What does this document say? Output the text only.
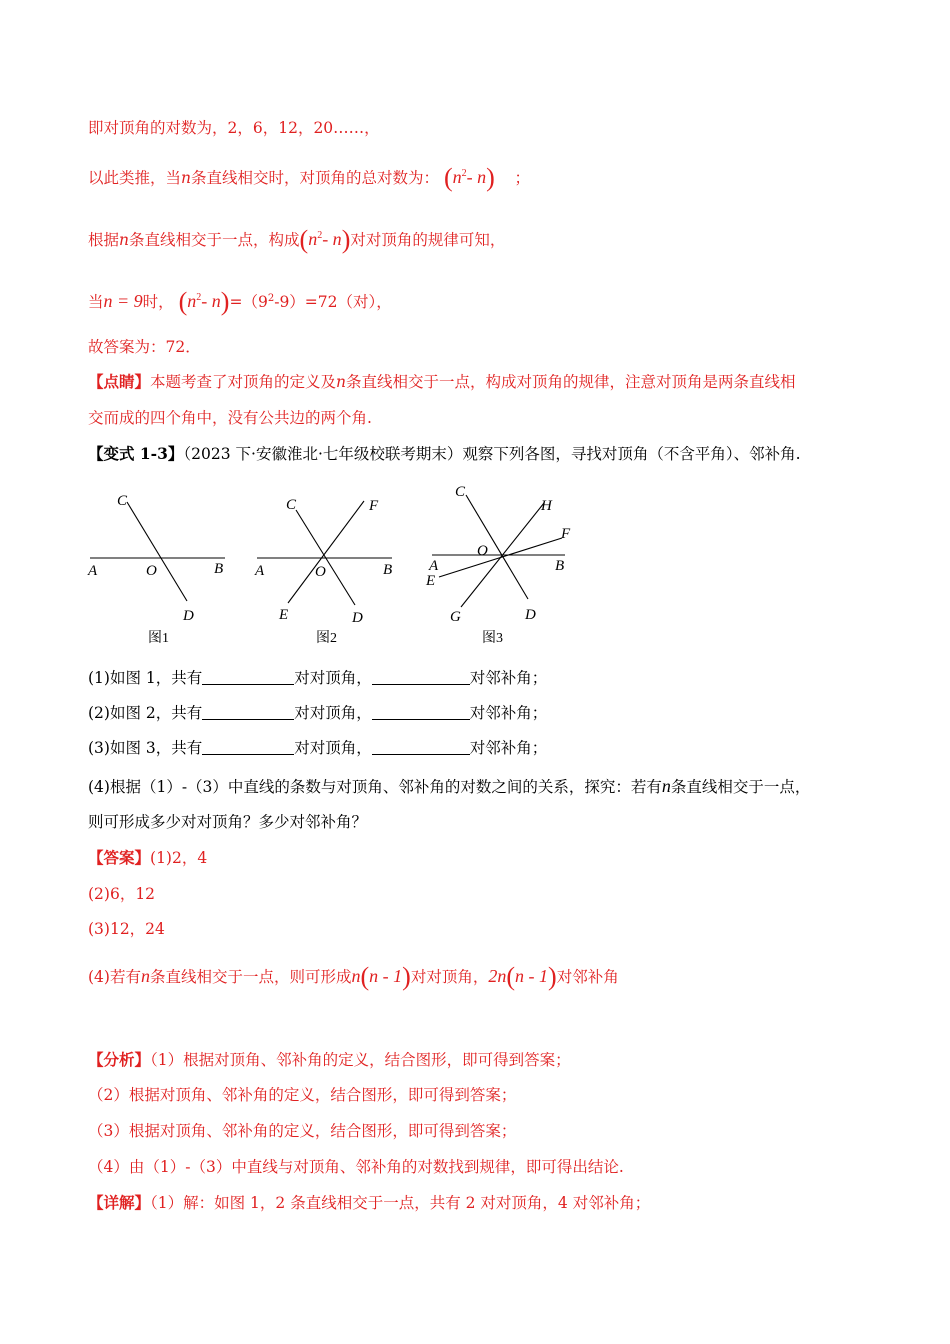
即对顶角的对数为，2，6，12，20……，
以此类推，当n条直线相交时，对顶角的总对数为： ($n^2-$ n) ；
根据n条直线相交于一点，构成($n^2-$ n)对对顶角的规律可知，
当n = 9时， ($n^2-$ $n)=(9^2-9)=72$（对），
故答案为：72．
【点睛】本题考查了对顶角的定义及n条直线相交于一点，构成对顶角的规律，注意对顶角是两条直线相
交而成的四个角中，没有公共边的两个角.
【变式 1-3】（2023 下·安徽淮北·七年级校联考期末）观察下列各图，寻找对顶角（不含平角）、邻补角.
C
A	O	B
D
图1
C	F
A	O	B
E	D
图2
C
H
F
O
A
E
B
G	D
图3
(1)如图 1，共有	对对顶角，	对邻补角；
(2)如图 2，共有	对对顶角，	对邻补角；
(3)如图 3，共有	对对顶角，	对邻补角；
(4)根据（1）-（3）中直线的条数与对顶角、邻补角的对数之间的关系，探究：若有n条直线相交于一点，
则可形成多少对对顶角？多少对邻补角？
【答案】(1)2，4
(2)6，12
(3)12，24
(4)若有n条直线相交于一点，则可形成n(n - 1)对对顶角，2n(n - 1)对邻补角
【分析】（1）根据对顶角、邻补角的定义，结合图形，即可得到答案；
（2）根据对顶角、邻补角的定义，结合图形，即可得到答案；
（3）根据对顶角、邻补角的定义，结合图形，即可得到答案；
（4）由（1）-（3）中直线与对顶角、邻补角的对数找到规律，即可得出结论.
【详解】（1）解：如图 1，2 条直线相交于一点，共有 2 对对顶角，4 对邻补角；
